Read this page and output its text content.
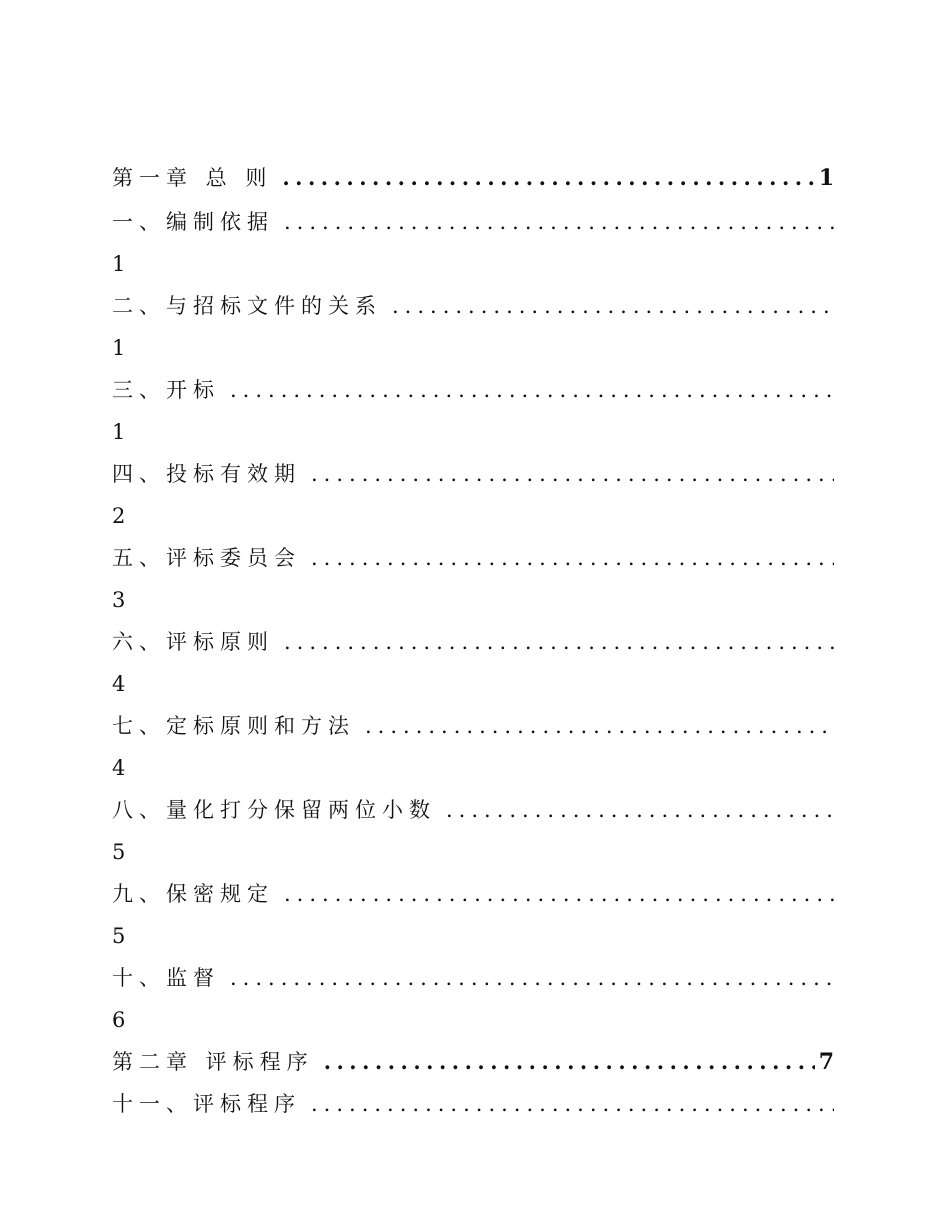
第一章 总 则 .....	1
一、编制依据
.....
1
二、与招标文件的关系
.....
1
三、开标
.....
1
四、投标有效期
.....
2
五、评标委员会
.....
3
六、评标原则
.....
4
七、定标原则和方法
.....
4
八、量化打分保留两位小数
.....
5
九、保密规定
.....
5
十、监督
.....
6
第二章 评标程序 .....	7
十一、评标程序
.....
